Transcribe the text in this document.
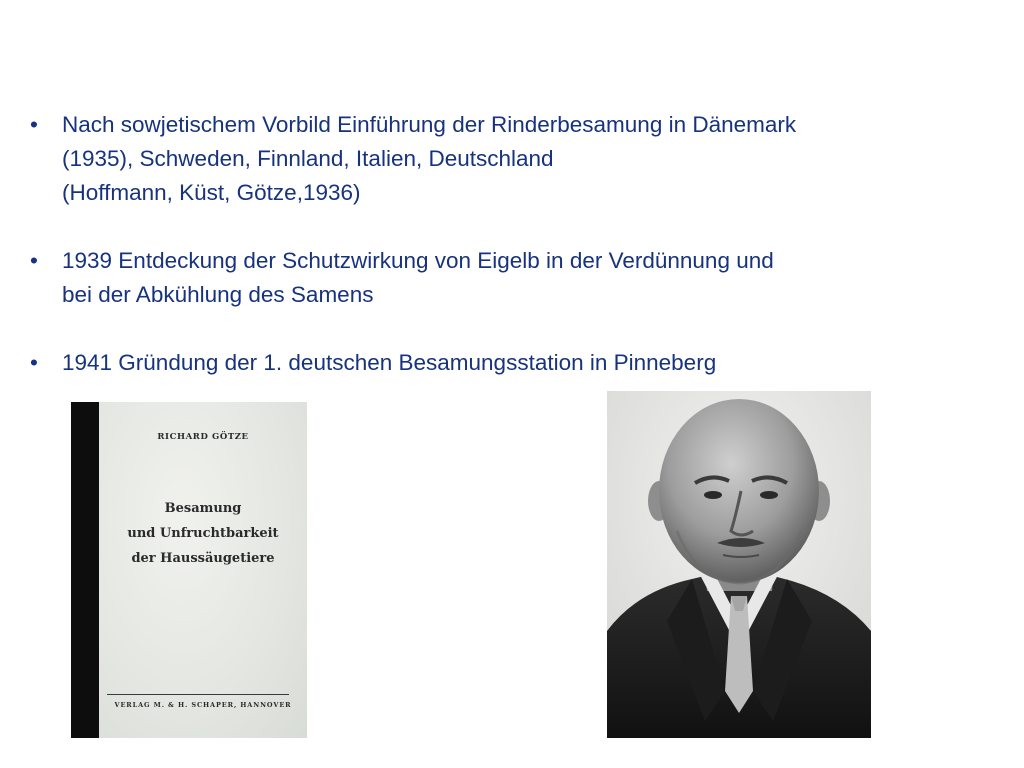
•	Nach sowjetischem Vorbild Einführung der Rinderbesamung in Dänemark
(1935), Schweden, Finnland, Italien, Deutschland
(Hoffmann, Küst, Götze,1936)
•	1939 Entdeckung der Schutzwirkung von Eigelb in der Verdünnung und
bei der Abkühlung des Samens
•	1941 Gründung der 1. deutschen Besamungsstation in Pinneberg
RICHARD GÖTZE
Besamung
und Unfruchtbarkeit
der Haussäugetiere
VERLAG M. & H. SCHAPER, HANNOVER
